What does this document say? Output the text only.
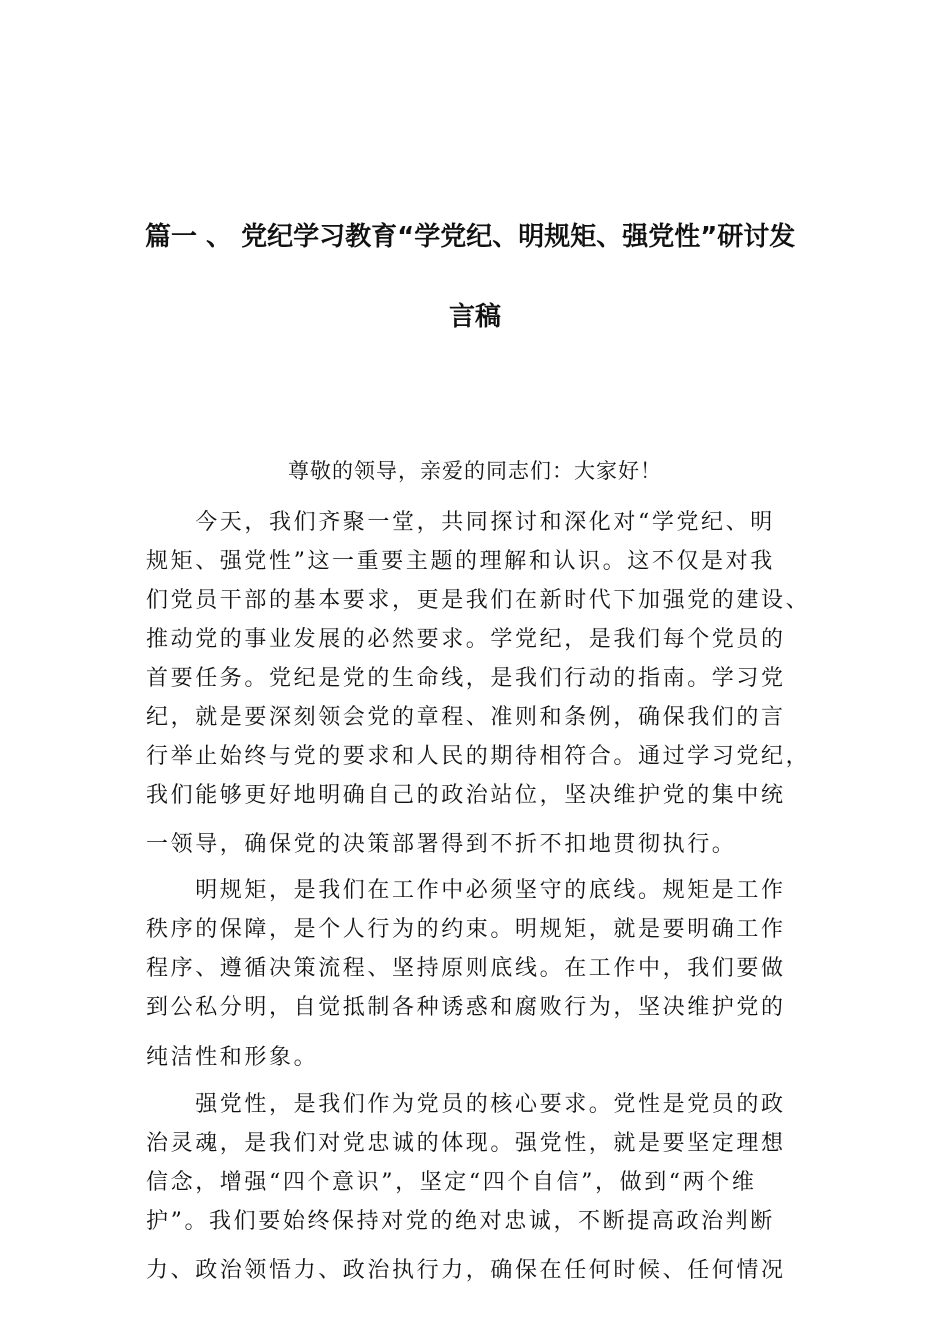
篇一 、 党纪学习教育“学党纪、明规矩、强党性”研讨发
言稿
尊敬的领导，亲爱的同志们：大家好！
　　今天，我们齐聚一堂，共同探讨和深化对“学党纪、明
规矩、强党性”这一重要主题的理解和认识。这不仅是对我
们党员干部的基本要求，更是我们在新时代下加强党的建设、
推动党的事业发展的必然要求。学党纪，是我们每个党员的
首要任务。党纪是党的生命线，是我们行动的指南。学习党
纪，就是要深刻领会党的章程、准则和条例，确保我们的言
行举止始终与党的要求和人民的期待相符合。通过学习党纪，
我们能够更好地明确自己的政治站位，坚决维护党的集中统
一领导，确保党的决策部署得到不折不扣地贯彻执行。
　　明规矩，是我们在工作中必须坚守的底线。规矩是工作
秩序的保障，是个人行为的约束。明规矩，就是要明确工作
程序、遵循决策流程、坚持原则底线。在工作中，我们要做
到公私分明，自觉抵制各种诱惑和腐败行为，坚决维护党的
纯洁性和形象。
　　强党性，是我们作为党员的核心要求。党性是党员的政
治灵魂，是我们对党忠诚的体现。强党性，就是要坚定理想
信念，增强“四个意识”，坚定“四个自信”，做到“两个维
护”。我们要始终保持对党的绝对忠诚，不断提高政治判断
力、政治领悟力、政治执行力，确保在任何时候、任何情况
